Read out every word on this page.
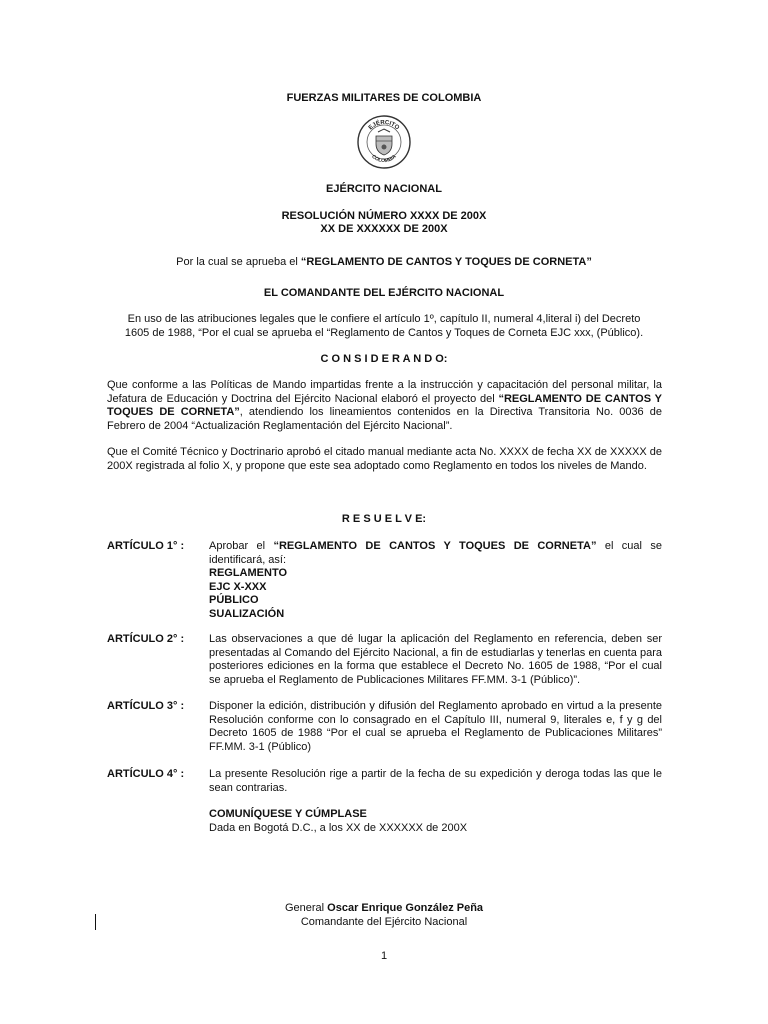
FUERZAS MILITARES DE COLOMBIA
EJÉRCITO
COLOMBIA
EJÉRCITO NACIONAL
RESOLUCIÓN NÚMERO XXXX DE 200X
XX DE XXXXXX DE 200X
Por la cual se aprueba el “REGLAMENTO DE CANTOS Y TOQUES DE CORNETA”
EL COMANDANTE DEL EJÉRCITO NACIONAL
En uso de las atribuciones legales que le confiere el artículo 1º, capítulo II, numeral 4,literal i) del Decreto
1605 de 1988, “Por el cual se aprueba el “Reglamento de Cantos y Toques de Corneta EJC xxx, (Público).
C O N S I D E R A N D O:
Que conforme a las Políticas de Mando impartidas frente a la instrucción y capacitación del personal militar, la Jefatura de Educación y Doctrina del Ejército Nacional elaboró el proyecto del “REGLAMENTO DE CANTOS Y TOQUES DE CORNETA”, atendiendo los lineamientos contenidos en la Directiva Transitoria No. 0036 de Febrero de 2004 “Actualización Reglamentación del Ejército Nacional”.
Que el Comité Técnico y Doctrinario aprobó el citado manual mediante acta No. XXXX de fecha XX de XXXXX de 200X registrada al folio X, y propone que este sea adoptado como Reglamento en todos los niveles de Mando.
R E S U E L V E:
ARTÍCULO 1° : Aprobar el “REGLAMENTO DE CANTOS Y TOQUES DE CORNETA” el cual se identificará, así:
REGLAMENTO
EJC X-XXX
PÚBLICO
SUALIZACIÓN
ARTÍCULO 2° : Las observaciones a que dé lugar la aplicación del Reglamento en referencia, deben ser presentadas al Comando del Ejército Nacional, a fin de estudiarlas y tenerlas en cuenta para posteriores ediciones en la forma que establece el Decreto No. 1605 de 1988, “Por el cual se aprueba el Reglamento de Publicaciones Militares FF.MM. 3-1 (Público)”.
ARTÍCULO 3° : Disponer la edición, distribución y difusión del Reglamento aprobado en virtud a la presente Resolución conforme con lo consagrado en el Capítulo III, numeral 9, literales e, f y g del Decreto 1605 de 1988 “Por el cual se aprueba el Reglamento de Publicaciones Militares” FF.MM. 3-1 (Público)
ARTÍCULO 4° : La presente Resolución rige a partir de la fecha de su expedición y deroga todas las que le sean contrarias.
COMUNÍQUESE Y CÚMPLASE
Dada en Bogotá D.C., a los XX de XXXXXX de 200X
General Oscar Enrique González Peña
Comandante del Ejército Nacional
1
